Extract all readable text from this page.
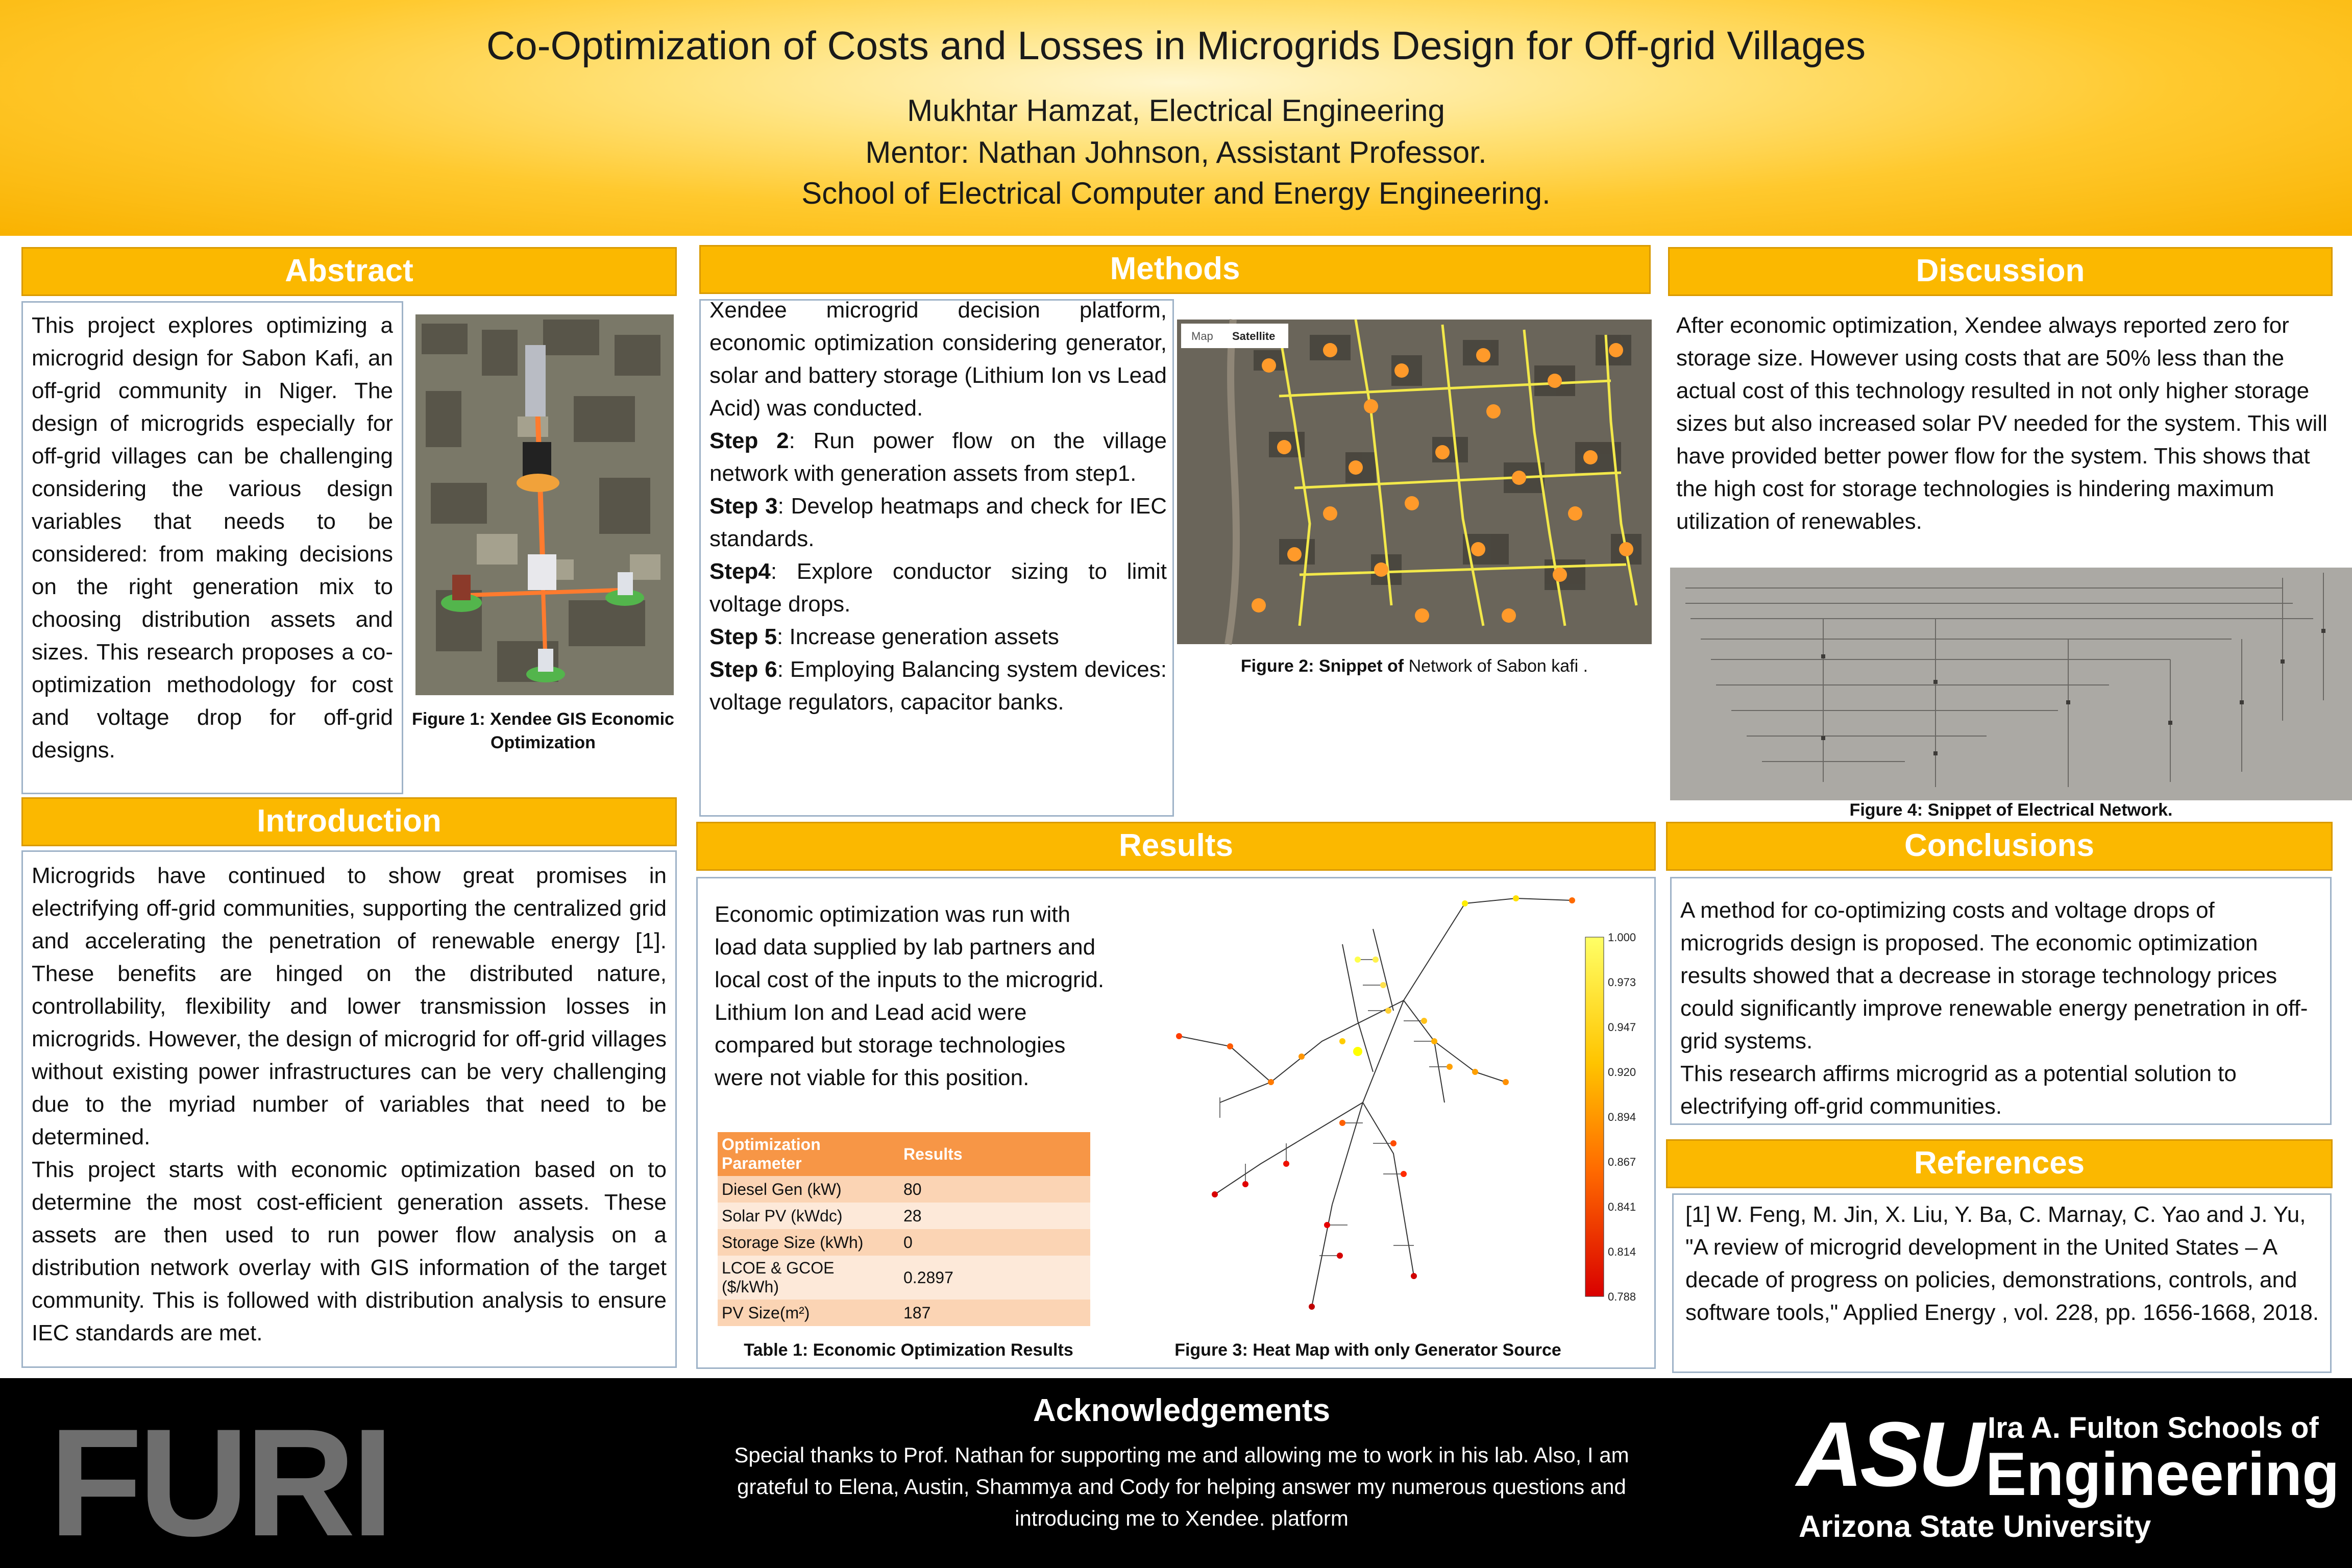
Co-Optimization of Costs and Losses in Microgrids Design for Off-grid Villages
Mukhtar Hamzat, Electrical Engineering
Mentor: Nathan Johnson, Assistant Professor.
School of Electrical Computer and Energy Engineering.
Abstract
This project explores optimizing a microgrid design for Sabon Kafi, an off-grid community in Niger. The design of microgrids especially for off-grid villages can be challenging considering the various design variables that needs to be considered: from making decisions on the right generation mix to choosing distribution assets and sizes. This research proposes a co-optimization methodology for cost and voltage drop for off-grid designs.
Figure 1: Xendee GIS Economic Optimization
Introduction
Microgrids have continued to show great promises in electrifying off-grid communities, supporting the centralized grid and accelerating the penetration of renewable energy [1]. These benefits are hinged on the distributed nature, controllability, flexibility and lower transmission losses in microgrids. However, the design of microgrid for off-grid villages without existing power infrastructures can be very challenging due to the myriad number of variables that need to be determined.
This project starts with economic optimization based on to determine the most cost-efficient generation assets. These assets are then used to run power flow analysis on a distribution network overlay with GIS information of the target community. This is followed with distribution analysis to ensure IEC standards are met.
Methods
Xendee microgrid decision platform, economic optimization considering generator, solar and battery storage (Lithium Ion vs Lead Acid) was conducted.
Step 2: Run power flow on the village network with generation assets from step1.
Step 3: Develop heatmaps and check for IEC standards.
Step4: Explore conductor sizing to limit voltage drops.
Step 5: Increase generation assets
Step 6: Employing Balancing system devices: voltage regulators, capacitor banks.
Map Satellite
Figure 2: Snippet of Network of Sabon kafi .
Discussion
After economic optimization, Xendee always reported zero for storage size. However using costs that are 50% less than the actual cost of this technology resulted in not only higher storage sizes but also increased solar PV needed for the system. This will have provided better power flow for the system. This shows that the high cost for storage technologies is hindering maximum utilization of renewables.
Figure 4: Snippet of Electrical Network.
Results
Economic optimization was run with load data supplied by lab partners and local cost of the inputs to the microgrid. Lithium Ion and Lead acid were compared but storage technologies were not viable for this position.
Optimization Parameter	Results
Diesel Gen (kW)	80
Solar PV (kWdc)	28
Storage Size (kWh)	0
LCOE & GCOE ($/kWh)	0.2897
PV Size(m²)	187
Table 1: Economic Optimization Results
1.000
0.973
0.947
0.920
0.894
0.867
0.841
0.814
0.788
Figure 3: Heat Map with only Generator Source
Conclusions
A method for co-optimizing costs and voltage drops of microgrids design is proposed. The economic optimization results showed that a decrease in storage technology prices could significantly improve renewable energy penetration in off-grid systems.
This research affirms microgrid as a potential solution to electrifying off-grid communities.
References
[1] W. Feng, M. Jin, X. Liu, Y. Ba, C. Marnay, C. Yao and J. Yu, "A review of microgrid development in the United States – A decade of progress on policies, demonstrations, controls, and software tools," Applied Energy , vol. 228, pp. 1656-1668, 2018.
FURI	Acknowledgements
Special thanks to Prof. Nathan for supporting me and allowing me to work in his lab. Also, I am grateful to Elena, Austin, Shammya and Cody for helping answer my numerous questions and introducing me to Xendee. platform
ASU Ira A. Fulton Schools of
Engineering
Arizona State University
